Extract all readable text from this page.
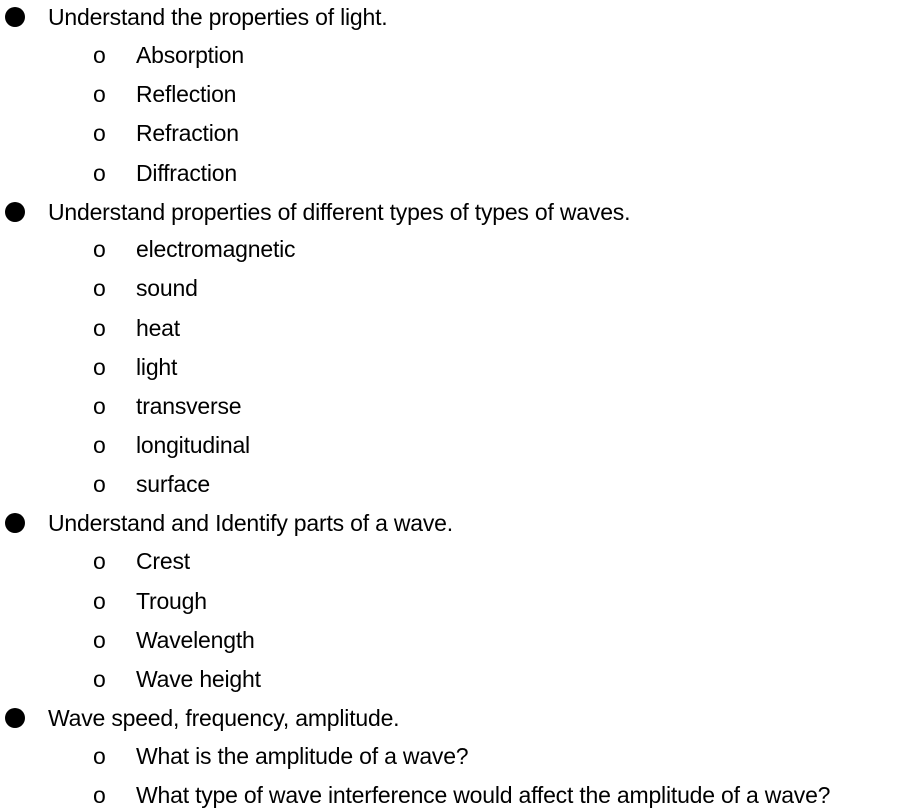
Understand the properties of light.
o Absorption
o Reflection
o Refraction
o Diffraction
Understand properties of different types of types of waves.
o electromagnetic
o sound
o heat
o light
o transverse
o longitudinal
o surface
Understand and Identify parts of a wave.
o Crest
o Trough
o Wavelength
o Wave height
Wave speed, frequency, amplitude.
o What is the amplitude of a wave?
o What type of wave interference would affect the amplitude of a wave?
